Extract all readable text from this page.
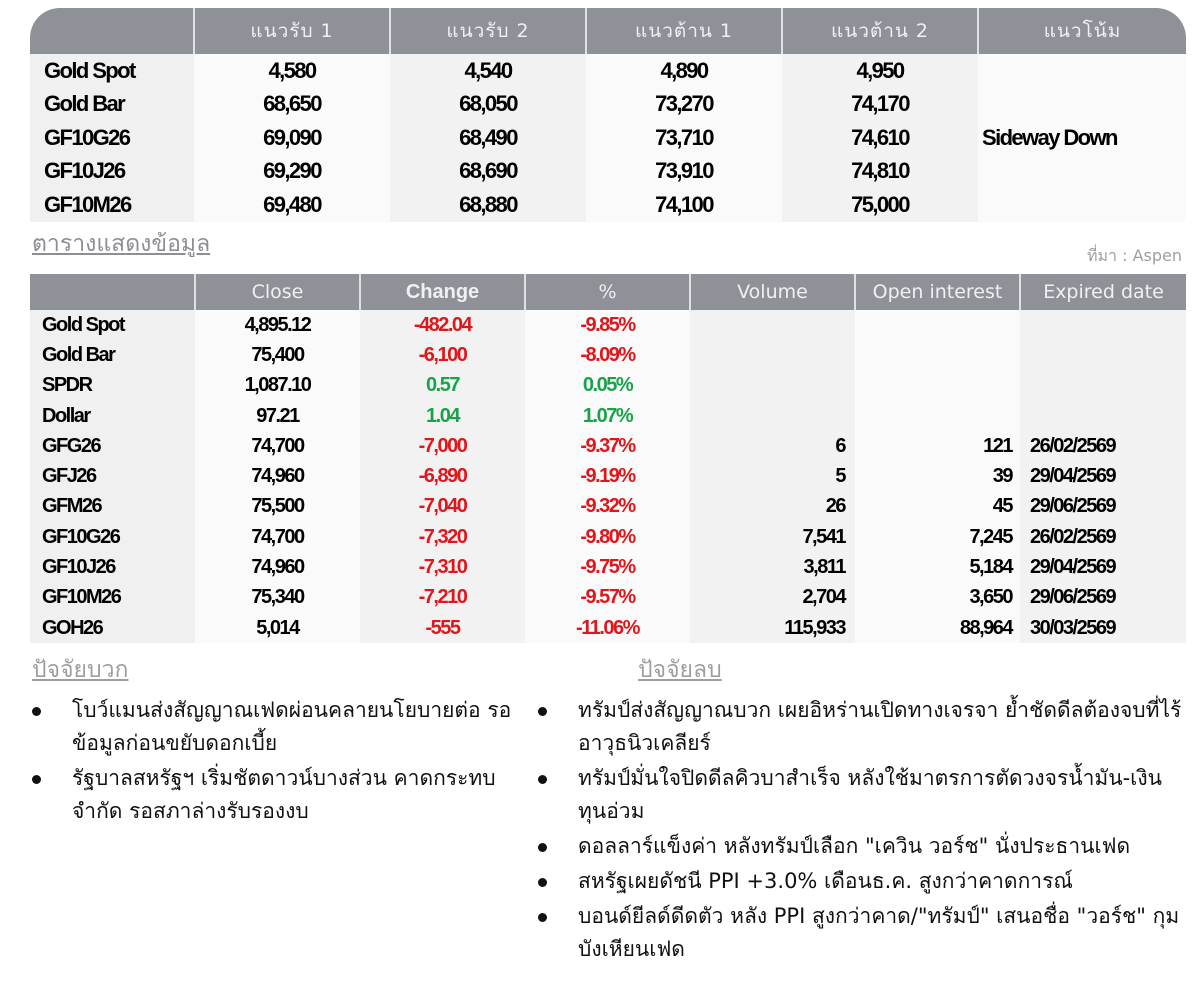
	แนวรับ 1	แนวรับ 2	แนวต้าน 1	แนวต้าน 2	แนวโน้ม
Gold Spot	4,580	4,540	4,890	4,950	Sideway Down
Gold Bar	68,650	68,050	73,270	74,170	
GF10G26	69,090	68,490	73,710	74,610	
GF10J26	69,290	68,690	73,910	74,810	
GF10M26	69,480	68,880	74,100	75,000	
ตารางแสดงข้อมูล	ที่มา : Aspen
	Close	Change	%	Volume	Open interest	Expired date
Gold Spot	4,895.12	-482.04	-9.85%			
Gold Bar	75,400	-6,100	-8.09%			
SPDR	1,087.10	0.57	0.05%			
Dollar	97.21	1.04	1.07%			
GFG26	74,700	-7,000	-9.37%	6	121	26/02/2569
GFJ26	74,960	-6,890	-9.19%	5	39	29/04/2569
GFM26	75,500	-7,040	-9.32%	26	45	29/06/2569
GF10G26	74,700	-7,320	-9.80%	7,541	7,245	26/02/2569
GF10J26	74,960	-7,310	-9.75%	3,811	5,184	29/04/2569
GF10M26	75,340	-7,210	-9.57%	2,704	3,650	29/06/2569
GOH26	5,014	-555	-11.06%	115,933	88,964	30/03/2569
ปัจจัยบวก
โบว์แมนส่งสัญญาณเฟดผ่อนคลายนโยบายต่อ รอข้อมูลก่อนขยับดอกเบี้ย
รัฐบาลสหรัฐฯ เริ่มชัตดาวน์บางส่วน คาดกระทบจำกัด รอสภาล่างรับรองงบ
ปัจจัยลบ
ทรัมป์ส่งสัญญาณบวก เผยอิหร่านเปิดทางเจรจา ย้ำชัดดีลต้องจบที่ไร้อาวุธนิวเคลียร์
ทรัมป์มั่นใจปิดดีลคิวบาสำเร็จ หลังใช้มาตรการตัดวงจรน้ำมัน-เงินทุนอ่วม
ดอลลาร์แข็งค่า หลังทรัมป์เลือก "เควิน วอร์ช" นั่งประธานเฟด
สหรัฐเผยดัชนี PPI +3.0% เดือนธ.ค. สูงกว่าคาดการณ์
บอนด์ยีลด์ดีดตัว หลัง PPI สูงกว่าคาด/"ทรัมป์" เสนอชื่อ "วอร์ช" กุมบังเหียนเฟด
